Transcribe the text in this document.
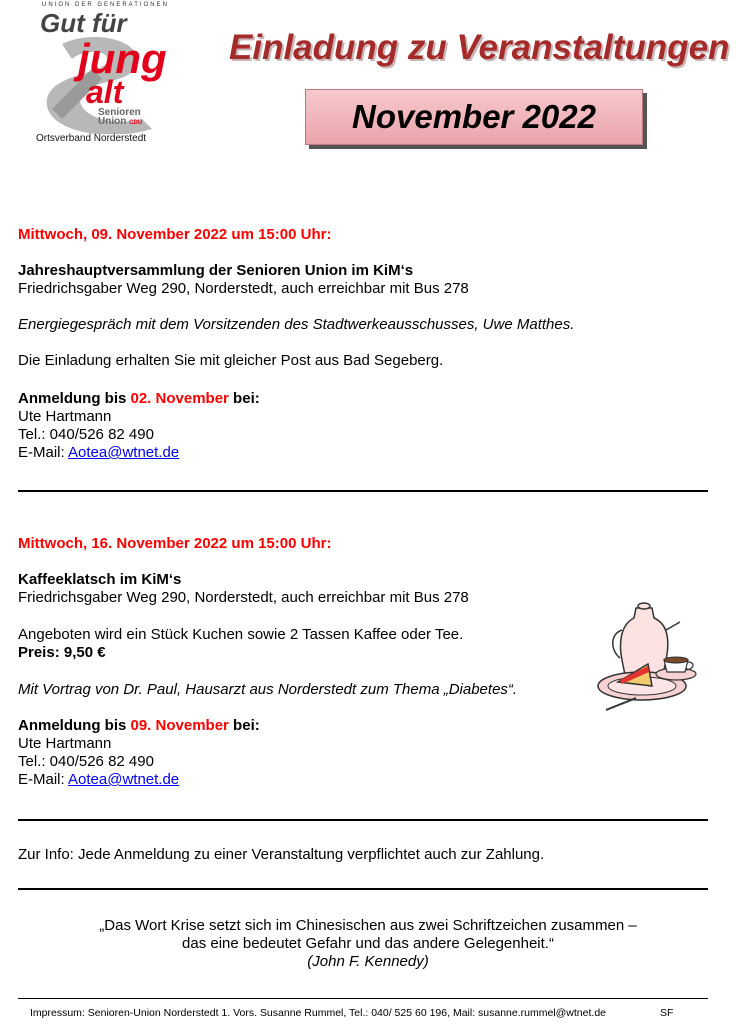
UNION DER GENERATIONEN
Gut für
jung
alt
Senioren
Union CDU
Ortsverband Norderstedt
Einladung zu Veranstaltungen
November 2022
Mittwoch, 09. November 2022 um 15:00 Uhr:
Jahreshauptversammlung der Senioren Union im KiM‘s
Friedrichsgaber Weg 290, Norderstedt, auch erreichbar mit Bus 278
Energiegespräch mit dem Vorsitzenden des Stadtwerkeausschusses, Uwe Matthes.
Die Einladung erhalten Sie mit gleicher Post aus Bad Segeberg.
Anmeldung bis 02. November bei:
Ute Hartmann
Tel.: 040/526 82 490
E-Mail: Aotea@wtnet.de
Mittwoch, 16. November 2022 um 15:00 Uhr:
Kaffeeklatsch im KiM‘s
Friedrichsgaber Weg 290, Norderstedt, auch erreichbar mit Bus 278
Angeboten wird ein Stück Kuchen sowie 2 Tassen Kaffee oder Tee.
Preis: 9,50 €
Mit Vortrag von Dr. Paul, Hausarzt aus Norderstedt zum Thema „Diabetes“.
Anmeldung bis 09. November bei:
Ute Hartmann
Tel.: 040/526 82 490
E-Mail: Aotea@wtnet.de
Zur Info: Jede Anmeldung zu einer Veranstaltung verpflichtet auch zur Zahlung.
„Das Wort Krise setzt sich im Chinesischen aus zwei Schriftzeichen zusammen –
das eine bedeutet Gefahr und das andere Gelegenheit.“
(John F. Kennedy)
Impressum: Senioren-Union Norderstedt 1. Vors. Susanne Rummel, Tel.: 040/ 525 60 196, Mail: susanne.rummel@wtnet.de	SF
